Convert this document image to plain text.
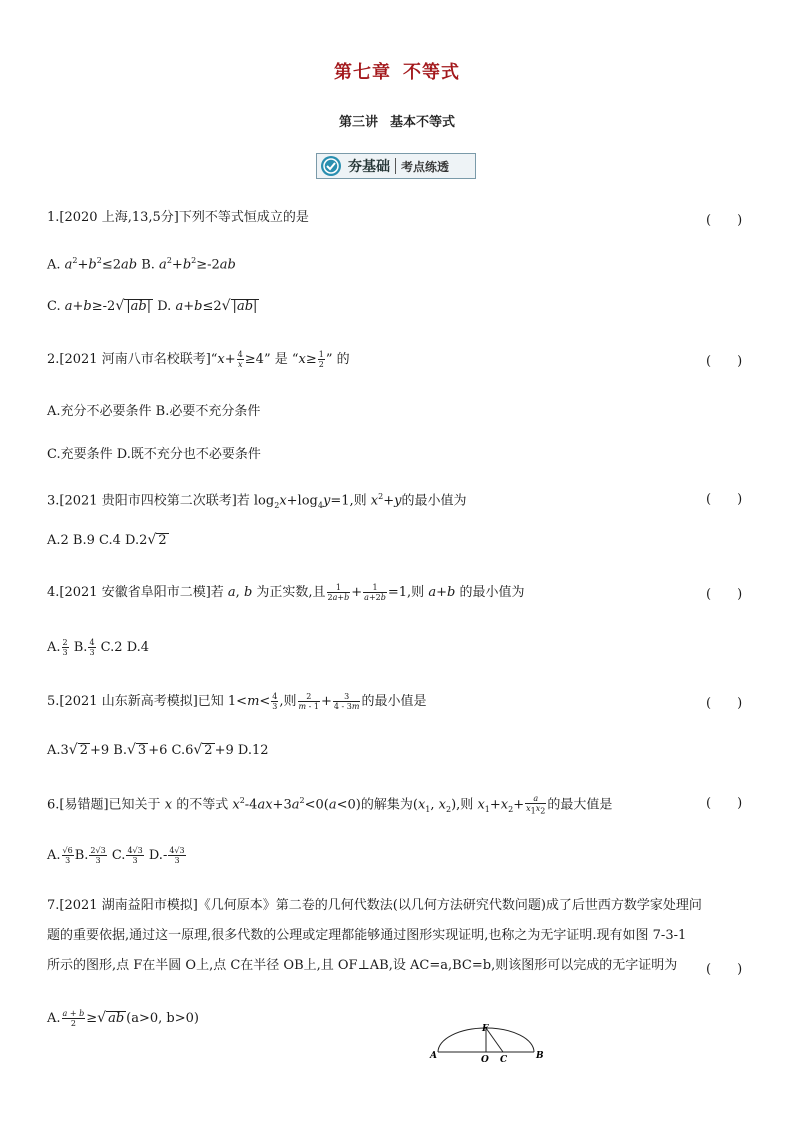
第七章 不等式
第三讲 基本不等式
夯基础 考点练透
1.[2020 上海,13,5分]下列不等式恒成立的是	(　　)
A. $a^2+b^2\le 2ab$ B. $a^2+b^2\ge-2ab$
C. a+b≥-2√ |ab| D. a+b≤2√ |ab|
2.[2021 河南八市名校联考]“x+ $\frac{4}{x} \ge 4$” 是 “$x\ge \frac{1}{2}$ ” 的	(　　)
A.充分不必要条件 B.必要不充分条件
C.充要条件 D.既不充分也不必要条件
3.[2021 贵阳市四校第二次联考]若 $\log_2x+\log_4y=1$,则 $x^2+y$的最小值为	(　　)
A.2 B.9 C.4 D.2√ 2
4.[2021 安徽省阜阳市二模]若 a, b 为正实数,且 $\frac{1}{2a+b} + \frac{1}{a+2b} =1$,则 a+b 的最小值为	(　　)
A. $\frac{2}{3} B$. $\frac{4}{3} C.2$ D.4
5.[2021 山东新高考模拟]已知 $1<m< \frac{4}{3}$ ,则 $\frac{2}{m - 1} + \frac{3}{4 - 3m}$ 的最小值是	(　　)
A.3√ 2 +9 B.√ 3 +6 C.6√ 2 +9 D.12
6.[易错题]已知关于 x 的不等式 $x^2-4ax+3a^2<0(a<0)$的解集为($x_1$, $x_2$),则 $x_1+x_2+ \frac{a}{x_1x_2}$ 的最大值是	(　　)
A. $\frac{√6}{3} B$. $\frac{2√3}{3} C$. $\frac{4√3}{3} D.- \frac{4√3}{3}$
7.[2021 湖南益阳市模拟]《几何原本》第二卷的几何代数法(以几何方法研究代数问题)成了后世西方数学家处理问
题的重要依据,通过这一原理,很多代数的公理或定理都能够通过图形实现证明,也称之为无字证明.现有如图 7-3-1
所示的图形,点 F在半圆 O上,点 C在半径 OB上,且 OF⊥AB,设 AC=a,BC=b,则该图形可以完成的无字证明为	(　　)
A. $\frac{a + b}{2}$ ≥√ ab (a>0, b>0)
F
A	O C	B
